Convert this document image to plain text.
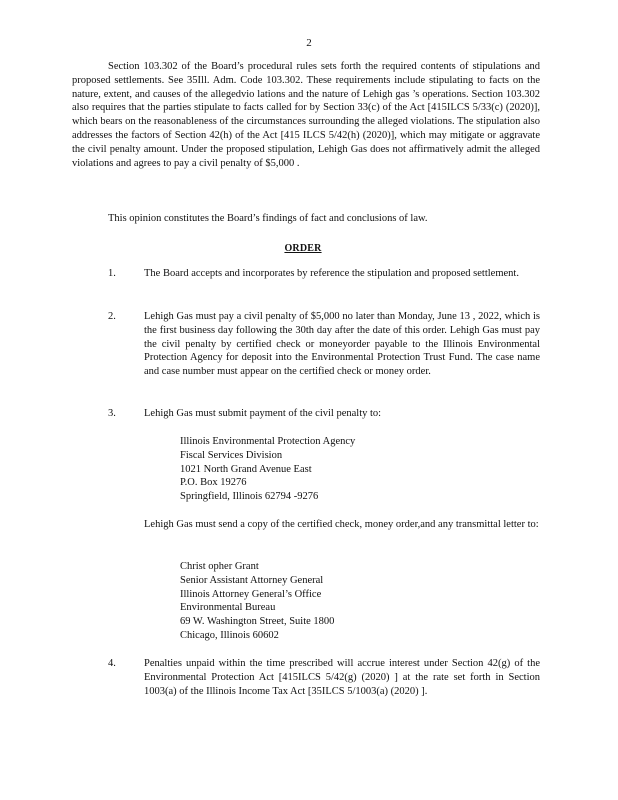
2

Section 103.302 of the Board’s procedural rules sets forth the required contents of stipulations and proposed settlements. See 35Ill. Adm. Code 103.302. These requirements include stipulating to facts on the nature, extent, and causes of the allegedvio lations and the nature of Lehigh gas ’s operations. Section 103.302 also requires that the parties stipulate to facts called for by Section 33(c) of the Act [415ILCS 5/33(c) (2020)], which bears on the reasonableness of the circumstances surrounding the alleged violations. The stipulation also addresses the factors of Section 42(h) of the Act [415 ILCS 5/42(h) (2020)], which may mitigate or aggravate the civil penalty amount. Under the proposed stipulation, Lehigh Gas does not affirmatively admit the alleged violations and agrees to pay a civil penalty of $5,000 .

This opinion constitutes the Board’s findings of fact and conclusions of law.

ORDER
1.	The Board accepts and incorporates by reference the stipulation and proposed settlement.
2.	Lehigh Gas must pay a civil penalty of $5,000 no later than Monday, June 13 , 2022, which is the first business day following the 30th day after the date of this order. Lehigh Gas must pay the civil penalty by certified check or moneyorder payable to the Illinois Environmental Protection Agency for deposit into the Environmental Protection Trust Fund. The case name and case number must appear on the certified check or money order.
3.	Lehigh Gas must submit payment of the civil penalty to:
Illinois Environmental Protection Agency
Fiscal Services Division
1021 North Grand Avenue East
P.O. Box 19276
Springfield, Illinois 62794 -9276
Lehigh Gas must send a copy of the certified check, money order,and any transmittal letter to:
Christ opher Grant
Senior Assistant Attorney General
Illinois Attorney General’s Office
Environmental Bureau
69 W. Washington Street, Suite 1800
Chicago, Illinois 60602
4.	Penalties unpaid within the time prescribed will accrue interest under Section 42(g) of the Environmental Protection Act [415ILCS 5/42(g) (2020) ] at the rate set forth in Section 1003(a) of the Illinois Income Tax Act [35ILCS 5/1003(a) (2020) ].
